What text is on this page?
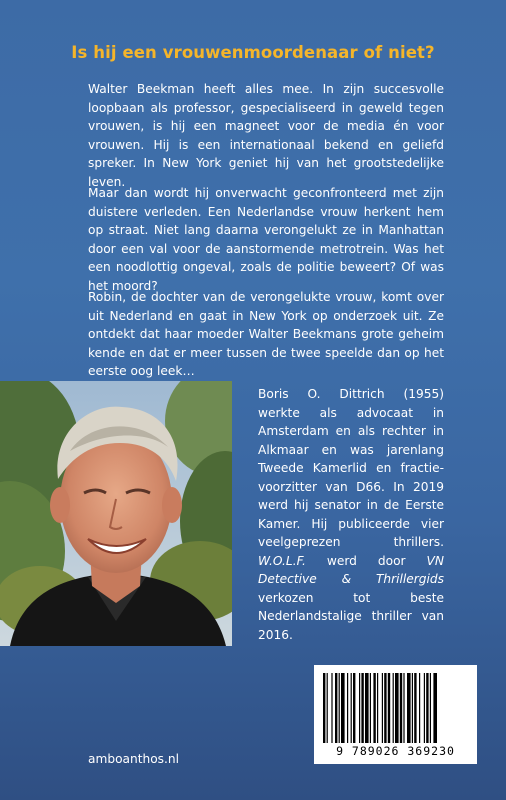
Is hij een vrouwenmoordenaar of niet?

Walter Beekman heeft alles mee. In zijn succesvolle loopbaan als professor, gespecialiseerd in geweld tegen vrouwen, is hij een magneet voor de media én voor vrouwen. Hij is een internationaal bekend en geliefd spreker. In New York geniet hij van het grootstedelijke leven.

Maar dan wordt hij onverwacht geconfronteerd met zijn duistere verleden. Een Nederlandse vrouw herkent hem op straat. Niet lang daarna verongelukt ze in Manhattan door een val voor de aanstormende metrotrein. Was het een noodlottig ongeval, zoals de politie beweert? Of was het moord?

Robin, de dochter van de verongelukte vrouw, komt over uit Nederland en gaat in New York op onderzoek uit. Ze ontdekt dat haar moeder Walter Beekmans grote geheim kende en dat er meer tussen de twee speelde dan op het eerste oog leek…

Boris O. Dittrich (1955) werkte als advocaat in Amsterdam en als rechter in Alkmaar en was jarenlang Tweede Kamerlid en fractievoorzitter van D66. In 2019 werd hij senator in de Eerste Kamer. Hij publiceerde vier veelgeprezen thrillers. W.O.L.F. werd door VN Detective & Thrillergids verkozen tot beste Nederlandstalige thriller van 2016.

9 789026 369230

amboanthos.nl
